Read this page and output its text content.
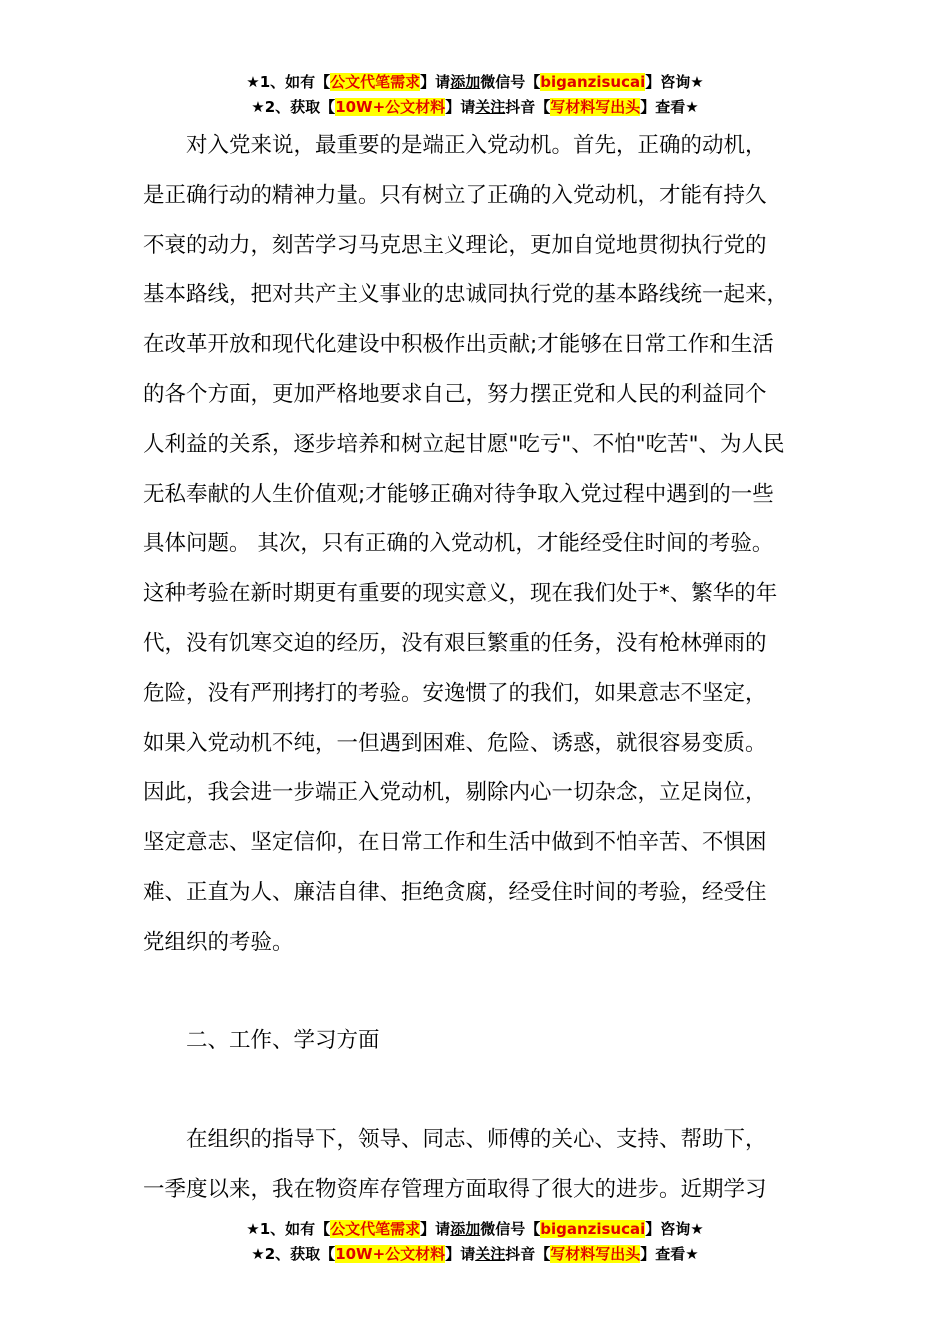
★1、如有【公文代笔需求】请添加微信号【biganzisucai】咨询★
★2、获取【10W+公文材料】请关注抖音【写材料写出头】查看★
对入党来说，最重要的是端正入党动机。首先，正确的动机，
是正确行动的精神力量。只有树立了正确的入党动机，才能有持久
不衰的动力，刻苦学习马克思主义理论，更加自觉地贯彻执行党的
基本路线，把对共产主义事业的忠诚同执行党的基本路线统一起来，
在改革开放和现代化建设中积极作出贡献;才能够在日常工作和生活
的各个方面，更加严格地要求自己，努力摆正党和人民的利益同个
人利益的关系，逐步培养和树立起甘愿"吃亏"、不怕"吃苦"、为人民
无私奉献的人生价值观;才能够正确对待争取入党过程中遇到的一些
具体问题。 其次，只有正确的入党动机，才能经受住时间的考验。
这种考验在新时期更有重要的现实意义，现在我们处于*、繁华的年
代，没有饥寒交迫的经历，没有艰巨繁重的任务，没有枪林弹雨的
危险，没有严刑拷打的考验。安逸惯了的我们，如果意志不坚定，
如果入党动机不纯，一但遇到困难、危险、诱惑，就很容易变质。
因此，我会进一步端正入党动机，剔除内心一切杂念，立足岗位，
坚定意志、坚定信仰，在日常工作和生活中做到不怕辛苦、不惧困
难、正直为人、廉洁自律、拒绝贪腐，经受住时间的考验，经受住
党组织的考验。
二、工作、学习方面
在组织的指导下，领导、同志、师傅的关心、支持、帮助下，
一季度以来，我在物资库存管理方面取得了很大的进步。近期学习
★1、如有【公文代笔需求】请添加微信号【biganzisucai】咨询★
★2、获取【10W+公文材料】请关注抖音【写材料写出头】查看★
